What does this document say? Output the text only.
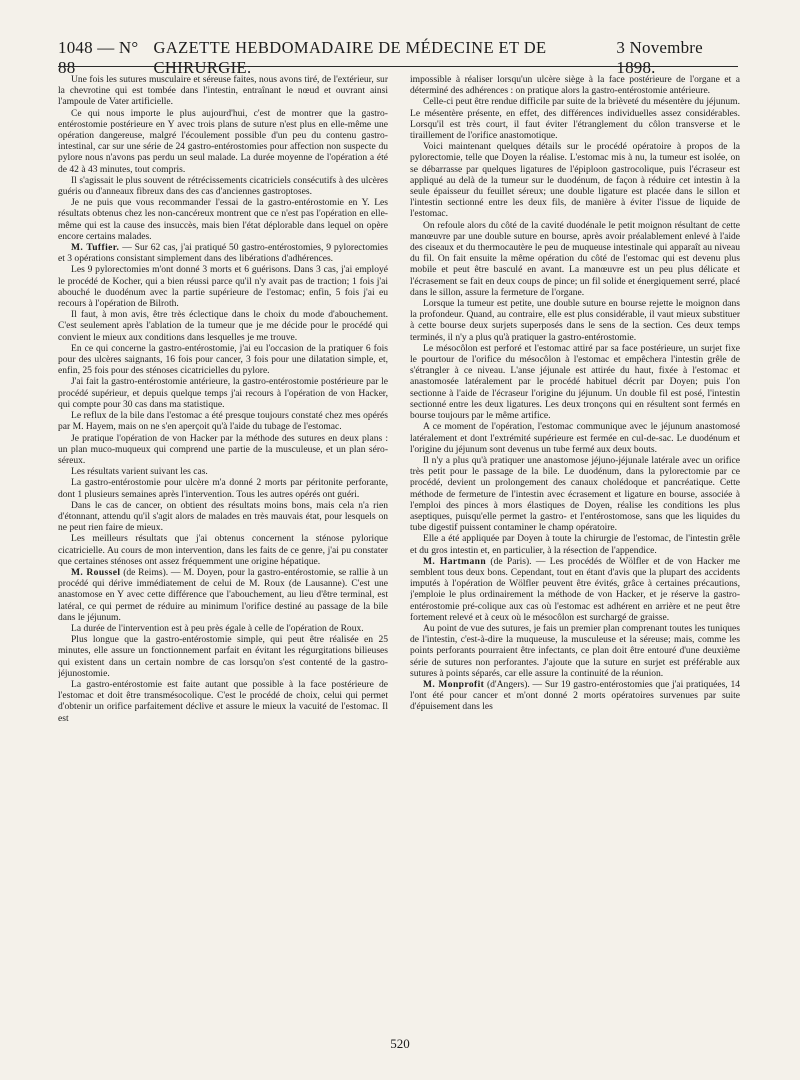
1048 — N° 88
GAZETTE HEBDOMADAIRE DE MÉDECINE ET DE CHIRURGIE.
3 Novembre 1898.

Une fois les sutures musculaire et séreuse faites, nous avons tiré, de l'extérieur, sur la chevrotine qui est tombée dans l'intestin, entraînant le nœud et ouvrant ainsi l'ampoule de Vater artificielle.

Ce qui nous importe le plus aujourd'hui, c'est de montrer que la gastro-entérostomie postérieure en Y avec trois plans de suture n'est plus en elle-même une opération dangereuse, malgré l'écoulement possible d'un peu du contenu gastro-intestinal, car sur une série de 24 gastro-entérostomies pour affection non suspecte du pylore nous n'avons pas perdu un seul malade. La durée moyenne de l'opération a été de 42 à 43 minutes, tout compris.

Il s'agissait le plus souvent de rétrécissements cicatriciels consécutifs à des ulcères guéris ou d'anneaux fibreux dans des cas d'anciennes gastroptoses.

Je ne puis que vous recommander l'essai de la gastro-entérostomie en Y. Les résultats obtenus chez les non-cancéreux montrent que ce n'est pas l'opération en elle-même qui est la cause des insuccès, mais bien l'état déplorable dans lequel on opère encore certains malades.

M. Tuffier. — Sur 62 cas, j'ai pratiqué 50 gastro-entérostomies, 9 pylorectomies et 3 opérations consistant simplement dans des libérations d'adhérences.

Les 9 pylorectomies m'ont donné 3 morts et 6 guérisons. Dans 3 cas, j'ai employé le procédé de Kocher, qui a bien réussi parce qu'il n'y avait pas de traction; 1 fois j'ai abouché le duodénum avec la partie supérieure de l'estomac; enfin, 5 fois j'ai eu recours à l'opération de Bilroth.

Il faut, à mon avis, être très éclectique dans le choix du mode d'abouchement. C'est seulement après l'ablation de la tumeur que je me décide pour le procédé qui convient le mieux aux conditions dans lesquelles je me trouve.

En ce qui concerne la gastro-entérostomie, j'ai eu l'occasion de la pratiquer 6 fois pour des ulcères saignants, 16 fois pour cancer, 3 fois pour une dilatation simple, et, enfin, 25 fois pour des sténoses cicatricielles du pylore.

J'ai fait la gastro-entérostomie antérieure, la gastro-entérostomie postérieure par le procédé supérieur, et depuis quelque temps j'ai recours à l'opération de von Hacker, qui compte pour 30 cas dans ma statistique.

Le reflux de la bile dans l'estomac a été presque toujours constaté chez mes opérés par M. Hayem, mais on ne s'en aperçoit qu'à l'aide du tubage de l'estomac.

Je pratique l'opération de von Hacker par la méthode des sutures en deux plans : un plan muco-muqueux qui comprend une partie de la musculeuse, et un plan séro-séreux.

Les résultats varient suivant les cas.

La gastro-entérostomie pour ulcère m'a donné 2 morts par péritonite perforante, dont 1 plusieurs semaines après l'intervention. Tous les autres opérés ont guéri.

Dans le cas de cancer, on obtient des résultats moins bons, mais cela n'a rien d'étonnant, attendu qu'il s'agit alors de malades en très mauvais état, pour lesquels on ne peut rien faire de mieux.

Les meilleurs résultats que j'ai obtenus concernent la sténose pylorique cicatricielle. Au cours de mon intervention, dans les faits de ce genre, j'ai pu constater que certaines sténoses ont assez fréquemment une origine hépatique.

M. Roussel (de Reims). — M. Doyen, pour la gastro-entérostomie, se rallie à un procédé qui dérive immédiatement de celui de M. Roux (de Lausanne). C'est une anastomose en Y avec cette différence que l'abouchement, au lieu d'être terminal, est latéral, ce qui permet de réduire au minimum l'orifice destiné au passage de la bile dans le jéjunum.

La durée de l'intervention est à peu près égale à celle de l'opération de Roux.

Plus longue que la gastro-entérostomie simple, qui peut être réalisée en 25 minutes, elle assure un fonctionnement parfait en évitant les régurgitations bilieuses qui existent dans un certain nombre de cas lorsqu'on s'est contenté de la gastro-jéjunostomie.

La gastro-entérostomie est faite autant que possible à la face postérieure de l'estomac et doit être transmésocolique. C'est le procédé de choix, celui qui permet d'obtenir un orifice parfaitement déclive et assure le mieux la vacuité de l'estomac. Il est

impossible à réaliser lorsqu'un ulcère siège à la face postérieure de l'organe et a déterminé des adhérences : on pratique alors la gastro-entérostomie antérieure.

Celle-ci peut être rendue difficile par suite de la brièveté du mésentère du jéjunum. Le mésentère présente, en effet, des différences individuelles assez considérables. Lorsqu'il est très court, il faut éviter l'étranglement du côlon transverse et le tiraillement de l'orifice anastomotique.

Voici maintenant quelques détails sur le procédé opératoire à propos de la pylorectomie, telle que Doyen la réalise. L'estomac mis à nu, la tumeur est isolée, on se débarrasse par quelques ligatures de l'épiploon gastrocolique, puis l'écraseur est appliqué au delà de la tumeur sur le duodénum, de façon à réduire cet intestin à la seule épaisseur du feuillet séreux; une double ligature est placée dans le sillon et l'intestin sectionné entre les deux fils, de manière à éviter l'issue de liquide de l'estomac.

On refoule alors du côté de la cavité duodénale le petit moignon résultant de cette manœuvre par une double suture en bourse, après avoir préalablement enlevé à l'aide des ciseaux et du thermocautère le peu de muqueuse intestinale qui apparaît au niveau du fil. On fait ensuite la même opération du côté de l'estomac qui est devenu plus mobile et peut être basculé en avant. La manœuvre est un peu plus délicate et l'écrasement se fait en deux coups de pince; un fil solide et énergiquement serré, placé dans le sillon, assure la fermeture de l'organe.

Lorsque la tumeur est petite, une double suture en bourse rejette le moignon dans la profondeur. Quand, au contraire, elle est plus considérable, il vaut mieux substituer à cette bourse deux surjets superposés dans le sens de la section. Ces deux temps terminés, il n'y a plus qu'à pratiquer la gastro-entérostomie.

Le mésocôlon est perforé et l'estomac attiré par sa face postérieure, un surjet fixe le pourtour de l'orifice du mésocôlon à l'estomac et empêchera l'intestin grêle de s'étrangler à ce niveau. L'anse jéjunale est attirée du haut, fixée à l'estomac et anastomosée latéralement par le procédé habituel décrit par Doyen; puis l'on sectionne à l'aide de l'écraseur l'origine du jéjunum. Un double fil est posé, l'intestin sectionné entre les deux ligatures. Les deux tronçons qui en résultent sont fermés en bourse toujours par le même artifice.

A ce moment de l'opération, l'estomac communique avec le jéjunum anastomosé latéralement et dont l'extrémité supérieure est fermée en cul-de-sac. Le duodénum et l'origine du jéjunum sont devenus un tube fermé aux deux bouts.

Il n'y a plus qu'à pratiquer une anastomose jéjuno-jéjunale latérale avec un orifice très petit pour le passage de la bile. Le duodénum, dans la pylorectomie par ce procédé, devient un prolongement des canaux cholédoque et pancréatique. Cette méthode de fermeture de l'intestin avec écrasement et ligature en bourse, associée à l'emploi des pinces à mors élastiques de Doyen, réalise les conditions les plus aseptiques, puisqu'elle permet la gastro- et l'entérostomose, sans que les liquides du tube digestif puissent contaminer le champ opératoire.

Elle a été appliquée par Doyen à toute la chirurgie de l'estomac, de l'intestin grêle et du gros intestin et, en particulier, à la résection de l'appendice.

M. Hartmann (de Paris). — Les procédés de Wölfler et de von Hacker me semblent tous deux bons. Cependant, tout en étant d'avis que la plupart des accidents imputés à l'opération de Wölfler peuvent être évités, grâce à certaines précautions, j'emploie le plus ordinairement la méthode de von Hacker, et je réserve la gastro-entérostomie pré-colique aux cas où l'estomac est adhérent en arrière et ne peut être fortement relevé et à ceux où le mésocôlon est surchargé de graisse.

Au point de vue des sutures, je fais un premier plan comprenant toutes les tuniques de l'intestin, c'est-à-dire la muqueuse, la musculeuse et la séreuse; mais, comme les points perforants pourraient être infectants, ce plan doit être entouré d'une deuxième série de sutures non perforantes. J'ajoute que la suture en surjet est préférable aux sutures à points séparés, car elle assure la continuité de la réunion.

M. Monprofit (d'Angers). — Sur 19 gastro-entérostomies que j'ai pratiquées, 14 l'ont été pour cancer et m'ont donné 2 morts opératoires survenues par suite d'épuisement dans les

520
